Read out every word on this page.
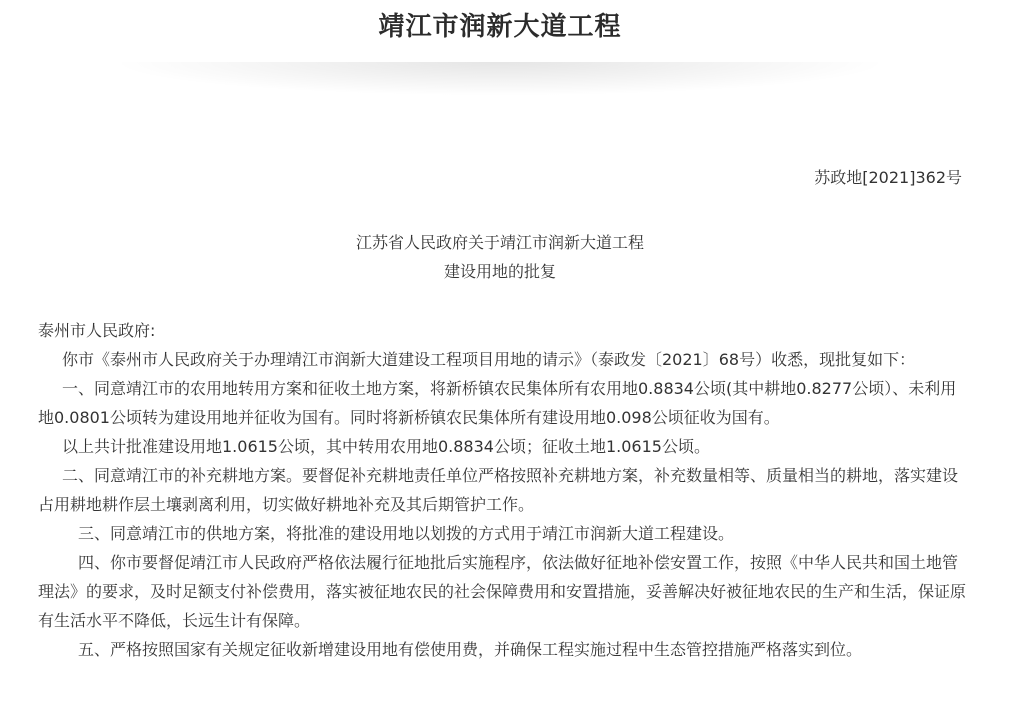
靖江市润新大道工程
苏政地[2021]362号
江苏省人民政府关于靖江市润新大道工程
建设用地的批复

泰州市人民政府:

你市《泰州市人民政府关于办理靖江市润新大道建设工程项目用地的请示》（泰政发〔2021〕68号）收悉，现批复如下：

一、同意靖江市的农用地转用方案和征收土地方案，将新桥镇农民集体所有农用地0.8834公顷(其中耕地0.8277公顷）、未利用地0.0801公顷转为建设用地并征收为国有。同时将新桥镇农民集体所有建设用地0.098公顷征收为国有。

以上共计批准建设用地1.0615公顷，其中转用农用地0.8834公顷；征收土地1.0615公顷。

二、同意靖江市的补充耕地方案。要督促补充耕地责任单位严格按照补充耕地方案，补充数量相等、质量相当的耕地，落实建设占用耕地耕作层土壤剥离利用，切实做好耕地补充及其后期管护工作。

三、同意靖江市的供地方案，将批准的建设用地以划拨的方式用于靖江市润新大道工程建设。

四、你市要督促靖江市人民政府严格依法履行征地批后实施程序，依法做好征地补偿安置工作，按照《中华人民共和国土地管理法》的要求，及时足额支付补偿费用，落实被征地农民的社会保障费用和安置措施，妥善解决好被征地农民的生产和生活，保证原有生活水平不降低，长远生计有保障。

五、严格按照国家有关规定征收新增建设用地有偿使用费，并确保工程实施过程中生态管控措施严格落实到位。
